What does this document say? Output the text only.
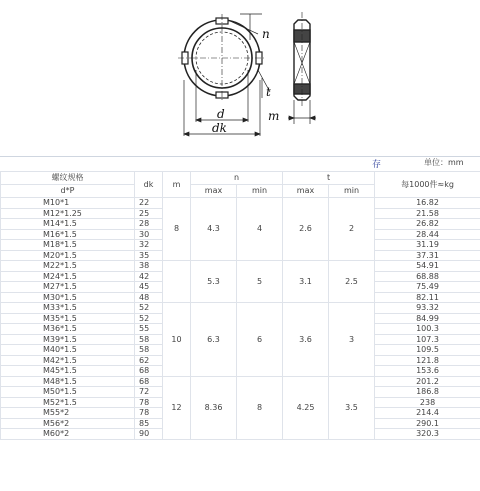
n
t
d
dk
m
存	单位：mm
螺纹规格	dk	m	n		t		每1000件≈kg
d*P			max	min	max	min	
M10*1	22	8	4.3	4	2.6	2	16.82
M12*1.25	25						21.58
M14*1.5	28						26.82
M16*1.5	30						28.44
M18*1.5	32						31.19
M20*1.5	35						37.31
M22*1.5	38		5.3	5	3.1	2.5	54.91
M24*1.5	42						68.88
M27*1.5	45						75.49
M30*1.5	48						82.11
M33*1.5	52	10	6.3	6	3.6	3	93.32
M35*1.5	52						84.99
M36*1.5	55						100.3
M39*1.5	58						107.3
M40*1.5	58						109.5
M42*1.5	62						121.8
M45*1.5	68						153.6
M48*1.5	68	12	8.36	8	4.25	3.5	201.2
M50*1.5	72						186.8
M52*1.5	78						238
M55*2	78						214.4
M56*2	85						290.1
M60*2	90						320.3
